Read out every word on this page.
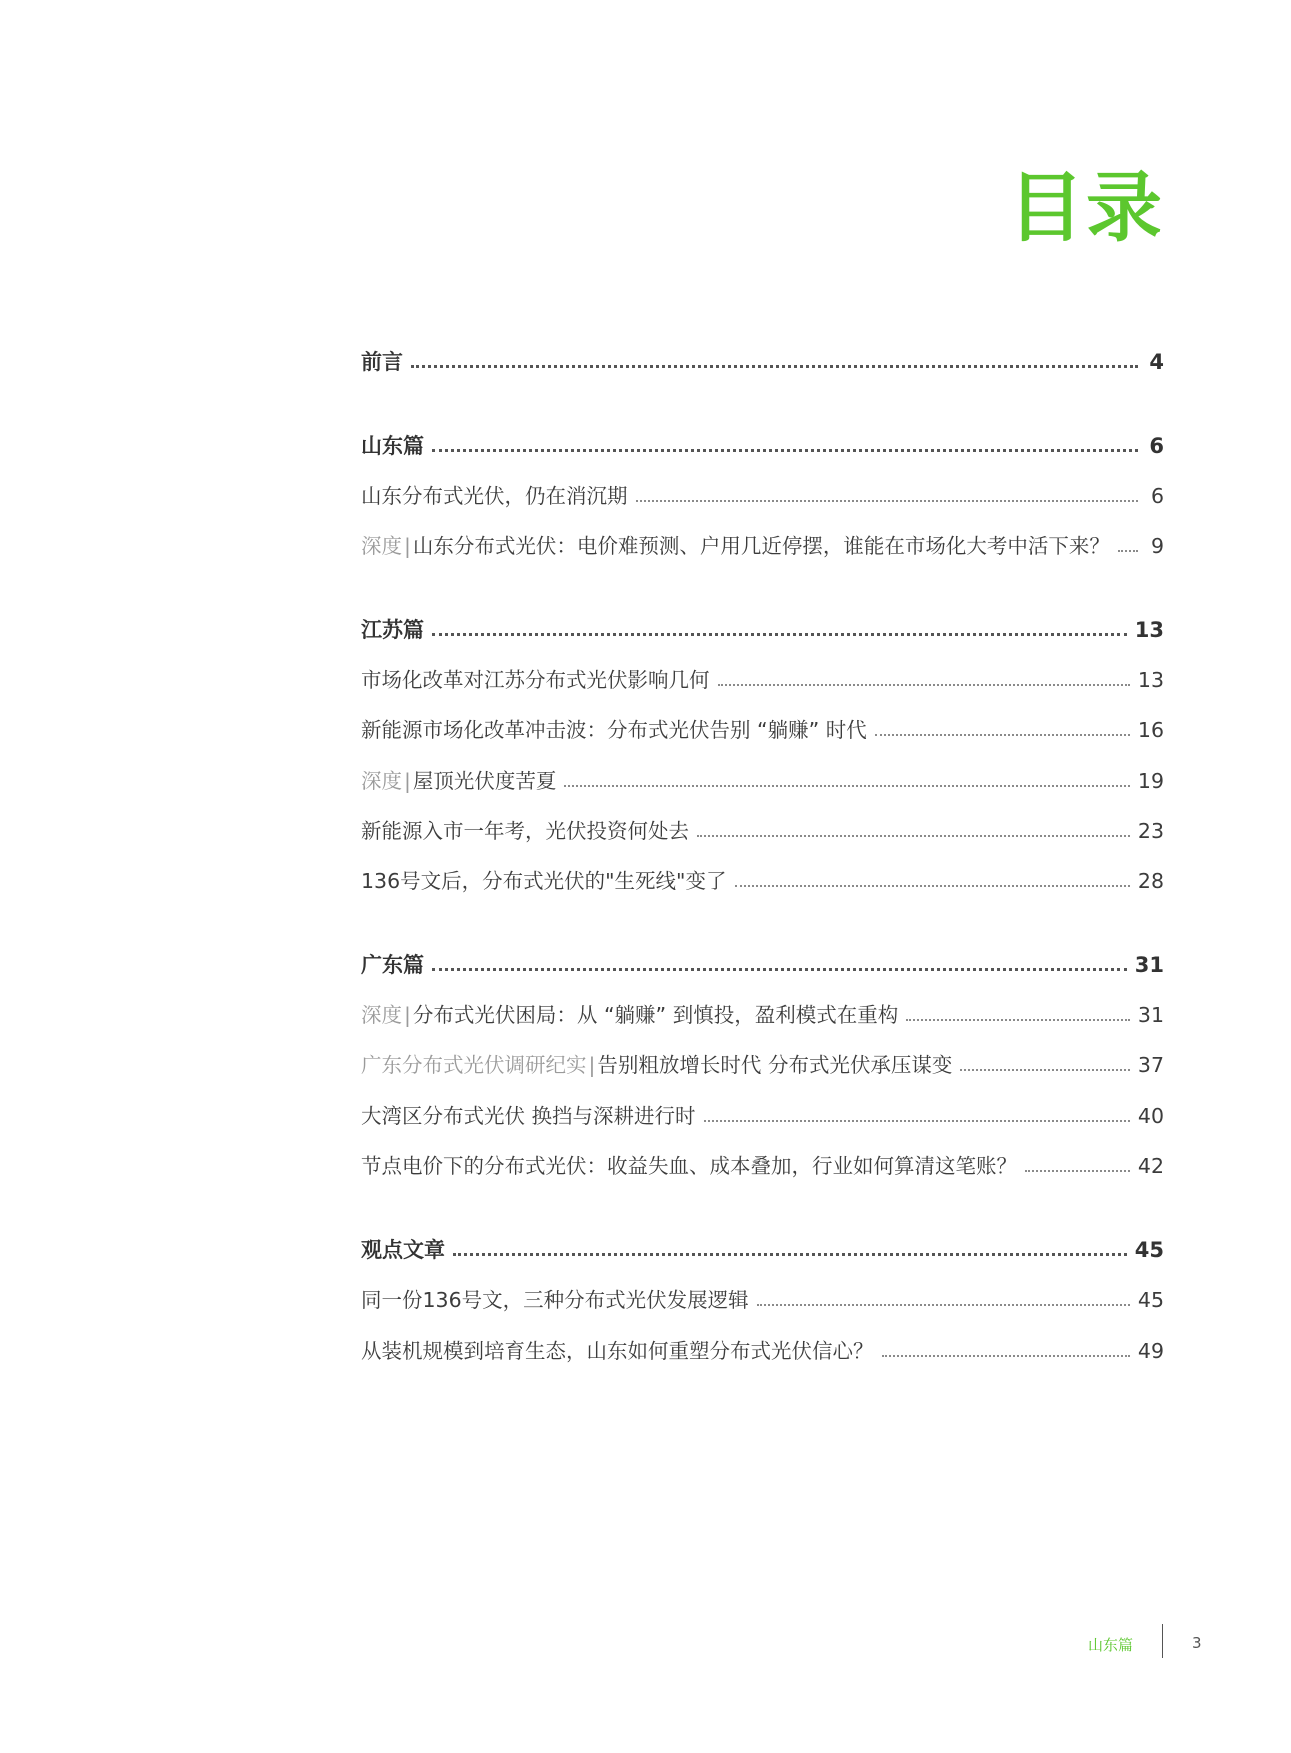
目录
前言	4
山东篇	6
山东分布式光伏，仍在消沉期	6
深度|山东分布式光伏：电价难预测、户用几近停摆，谁能在市场化大考中活下来？ 9
江苏篇	13
市场化改革对江苏分布式光伏影响几何	13
新能源市场化改革冲击波：分布式光伏告别 “躺赚” 时代	16
深度|屋顶光伏度苦夏	19
新能源入市一年考，光伏投资何处去	23
136号文后，分布式光伏的"生死线"变了	28
广东篇	31
深度|分布式光伏困局：从 “躺赚” 到慎投，盈利模式在重构	31
广东分布式光伏调研纪实|告别粗放增长时代 分布式光伏承压谋变	37
大湾区分布式光伏 换挡与深耕进行时	40
节点电价下的分布式光伏：收益失血、成本叠加，行业如何算清这笔账？	42
观点文章	45
同一份136号文，三种分布式光伏发展逻辑	45
从装机规模到培育生态，山东如何重塑分布式光伏信心？	49
山东篇	3
